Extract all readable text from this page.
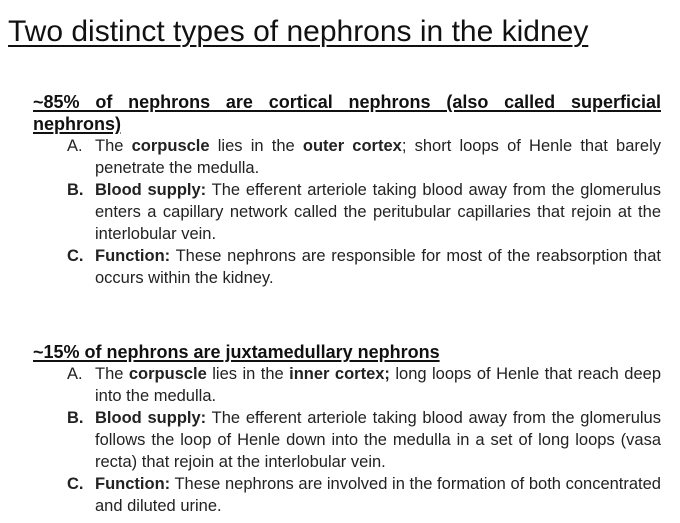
Two distinct types of nephrons in the kidney
~85% of nephrons are cortical nephrons (also called superficial nephrons)
A. The corpuscle lies in the outer cortex; short loops of Henle that barely penetrate the medulla.
B. Blood supply: The efferent arteriole taking blood away from the glomerulus enters a capillary network called the peritubular capillaries that rejoin at the interlobular vein.
C. Function: These nephrons are responsible for most of the reabsorption that occurs within the kidney.
~15% of nephrons are juxtamedullary nephrons
A. The corpuscle lies in the inner cortex; long loops of Henle that reach deep into the medulla.
B. Blood supply: The efferent arteriole taking blood away from the glomerulus follows the loop of Henle down into the medulla in a set of long loops (vasa recta) that rejoin at the interlobular vein.
C. Function: These nephrons are involved in the formation of both concentrated and diluted urine.
